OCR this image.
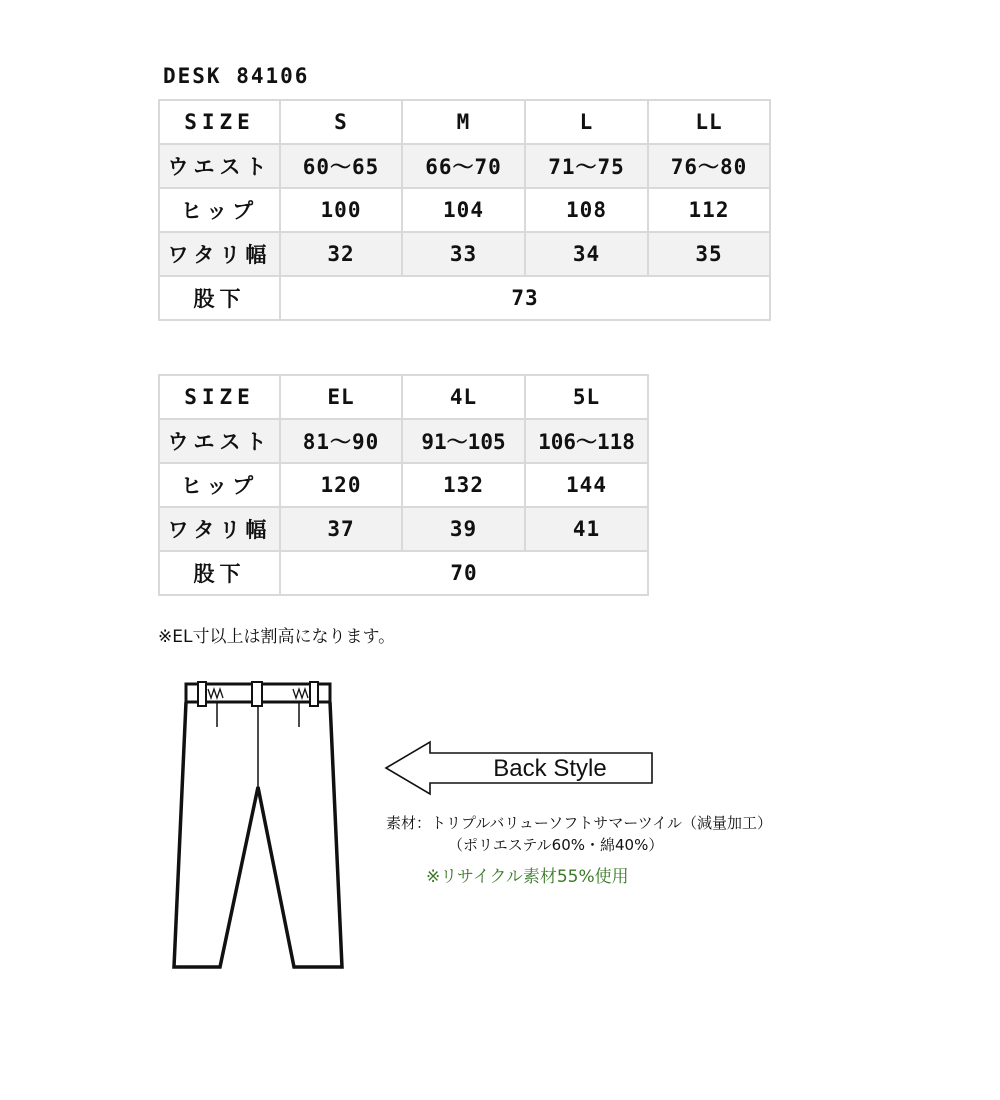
DESK 84106
SIZE	S	M	L	LL
ウエスト	60～65	66～70	71～75	76～80
ヒップ	100	104	108	112
ワタリ幅	32	33	34	35
股下	73			
SIZE	EL	4L	5L
ウエスト	81～90	91～105	106～118
ヒップ	120	132	144
ワタリ幅	37	39	41
股下	70		
※EL寸以上は割高になります。
Back Style
素材：トリプルバリューソフトサマーツイル（減量加工）
（ポリエステル60%・綿40%）
※リサイクル素材55%使用
